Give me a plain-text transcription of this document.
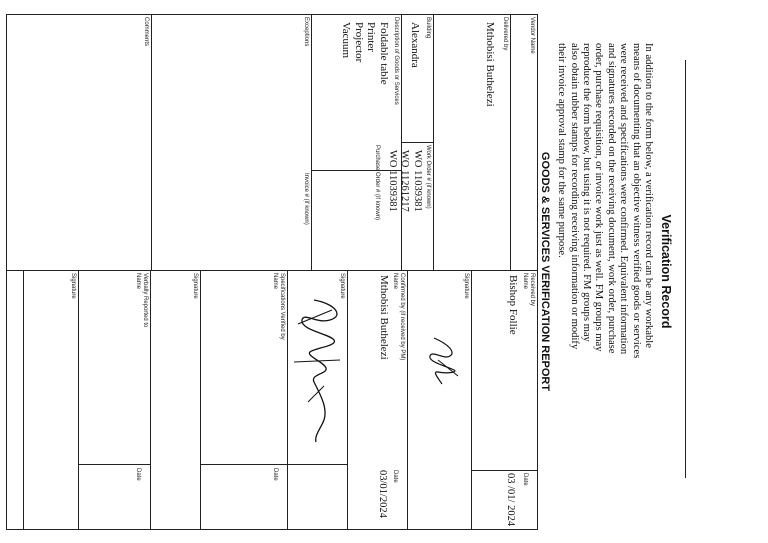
Verification Record
In addition to the form below, a verification record can be any workable
means of documenting that an objective witness verified goods or services
were received and specifications were confirmed. Equivalent information
and signatures recorded on the receiving document, work order, purchase
order, purchase requisition, or invoice work just as well. FM groups may
reproduce the form below, but using it is not required. FM groups may
also obtain rubber stamps for recording receiving information or modify
their invoice approval stamp for the same purpose.
GOODS & SERVICES VERIFICATION REPORT
Vendor Name
Delivered by
Mthobisi Buthelezi
Building
Alexandra
Work Order # (if known)
WO 11039381
WO 11261217
WO 11039381
Purchase Order # (if known)
Description of Goods or Services
Foldable table
Printer
Projector
Vacuum
Invoice # (if known)
Exceptions
Comments
Received by
Name
Bishop Follie
Date
03 /01/ 2024
Signature
Confirmed by (if received by PM)
Name
Mthobisi Buthelezi
Date
03/01/2024
Signature
Specifications Verified by
Name
Date
Signature
Verbally Reported to
Name
Date
Signature
